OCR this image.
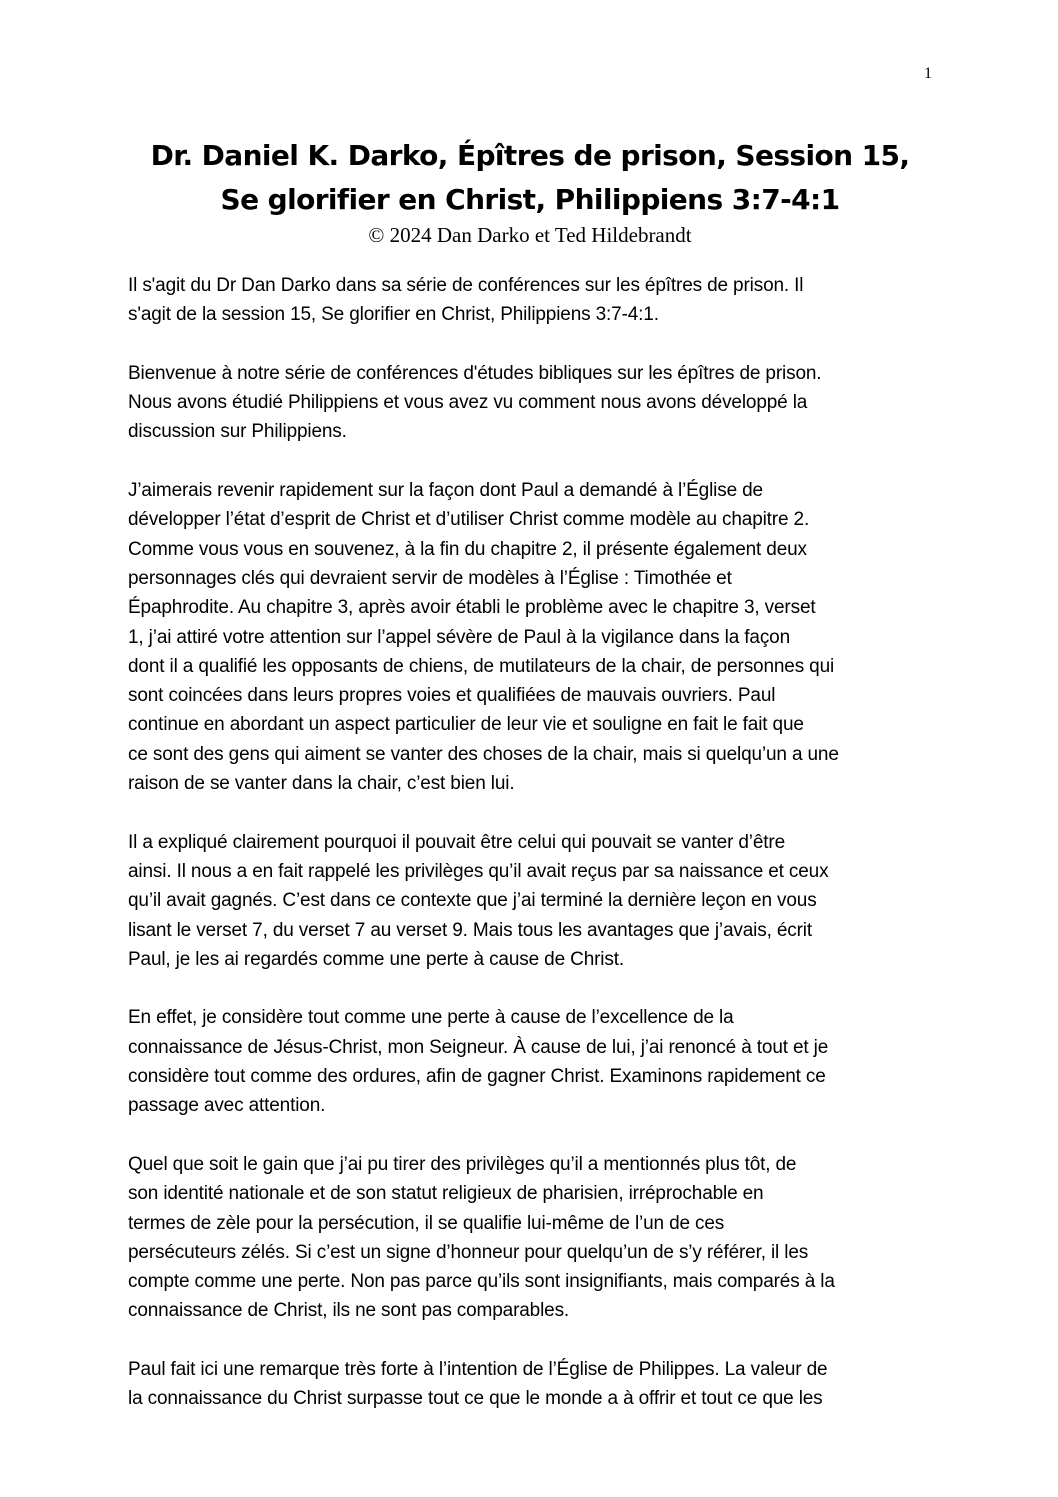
1
Dr. Daniel K. Darko, Épîtres de prison, Session 15,
Se glorifier en Christ, Philippiens 3:7-4:1
© 2024 Dan Darko et Ted Hildebrandt

Il s'agit du Dr Dan Darko dans sa série de conférences sur les épîtres de prison. Il
s'agit de la session 15, Se glorifier en Christ, Philippiens 3:7-4:1.

Bienvenue à notre série de conférences d'études bibliques sur les épîtres de prison.
Nous avons étudié Philippiens et vous avez vu comment nous avons développé la
discussion sur Philippiens.

J’aimerais revenir rapidement sur la façon dont Paul a demandé à l’Église de
développer l’état d’esprit de Christ et d’utiliser Christ comme modèle au chapitre 2.
Comme vous vous en souvenez, à la fin du chapitre 2, il présente également deux
personnages clés qui devraient servir de modèles à l’Église : Timothée et
Épaphrodite. Au chapitre 3, après avoir établi le problème avec le chapitre 3, verset
1, j’ai attiré votre attention sur l’appel sévère de Paul à la vigilance dans la façon
dont il a qualifié les opposants de chiens, de mutilateurs de la chair, de personnes qui
sont coincées dans leurs propres voies et qualifiées de mauvais ouvriers. Paul
continue en abordant un aspect particulier de leur vie et souligne en fait le fait que
ce sont des gens qui aiment se vanter des choses de la chair, mais si quelqu’un a une
raison de se vanter dans la chair, c’est bien lui.

Il a expliqué clairement pourquoi il pouvait être celui qui pouvait se vanter d’être
ainsi. Il nous a en fait rappelé les privilèges qu’il avait reçus par sa naissance et ceux
qu’il avait gagnés. C’est dans ce contexte que j’ai terminé la dernière leçon en vous
lisant le verset 7, du verset 7 au verset 9. Mais tous les avantages que j’avais, écrit
Paul, je les ai regardés comme une perte à cause de Christ.

En effet, je considère tout comme une perte à cause de l’excellence de la
connaissance de Jésus-Christ, mon Seigneur. À cause de lui, j’ai renoncé à tout et je
considère tout comme des ordures, afin de gagner Christ. Examinons rapidement ce
passage avec attention.

Quel que soit le gain que j’ai pu tirer des privilèges qu’il a mentionnés plus tôt, de
son identité nationale et de son statut religieux de pharisien, irréprochable en
termes de zèle pour la persécution, il se qualifie lui-même de l’un de ces
persécuteurs zélés. Si c’est un signe d’honneur pour quelqu’un de s’y référer, il les
compte comme une perte. Non pas parce qu’ils sont insignifiants, mais comparés à la
connaissance de Christ, ils ne sont pas comparables.

Paul fait ici une remarque très forte à l’intention de l’Église de Philippes. La valeur de
la connaissance du Christ surpasse tout ce que le monde a à offrir et tout ce que les
